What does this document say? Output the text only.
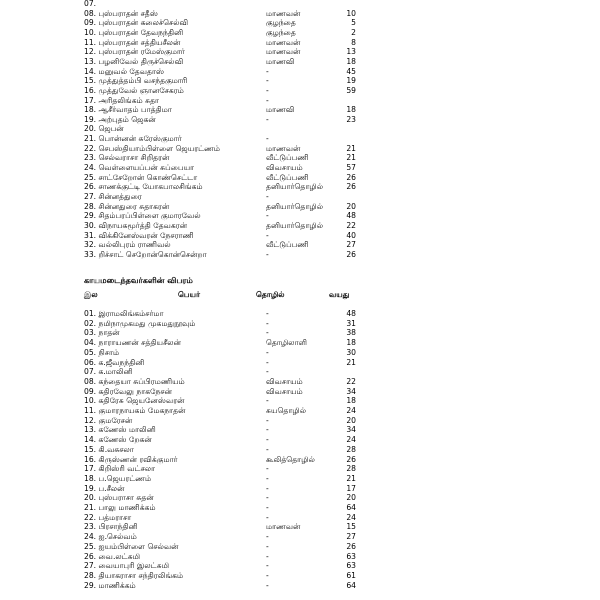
07.
08. புஸ்பராதன் சதீஸ்	மாணவன்	10
09. புஸ்பராதன் கலைச்செல்வி	குழந்தை	5
10. புஸ்பராதன் தேவநந்தினி	குழந்தை	2
11. புஸ்பராதன் சத்தியசீலன்	மாணவன்	8
12. புஸ்பராதன் ரமேஸ்குமார்	மாணவன்	13
13. பழனிவேல் திருச்செல்வி	மாணவி	18
14. மனுவல் தேவதாஸ்	-	45
15. முத்துத்தம்பி வசந்தகுமாரி	-	19
16. முத்துவேல் ஞானசேகரம்	-	59
17. அரிதலிங்கம் சுதா	-
18. ஆசீர்வாதம் பாத்திமா	மாணவி	18
19. அற்புதம் ஜெகன்	-	23
20. ஜெபன்
21. பொன்னன் சுரேஸ்குமார்	-
22. செபஸ்தியாம்பிள்ளை ஜெயரட்ணம்	மாணவன்	21
23. செல்வராசா சிறிதரன்	வீட்டுப்பணி	21
24. வெள்ளையப்பன் சுப்பையா	விவசாயம்	57
25. சாட்சேறோன் கொண்செட்டா	வீட்டுப்பணி	26
26. சாணக்குட்டி யோகபாலசிங்கம்	தனியார்தொழில்	26
27. சின்னத்துரை	-
28. சின்னதுரை சுதாகரன்	தனியார்தொழில்	20
29. சிதம்பரப்பிள்ளை குமாரவேல்	-	48
30. விநாயகமூர்த்தி தேவகரன்	தனியார்தொழில்	22
31. விக்கினேஸ்வரன் நேசராணி	-	40
32. வல்லிபுரம் ராணிவல்	வீட்டுப்பணி	27
33. றிச்சாட் செறோன்கொன்சென்றா	-	26
காயமடைந்தவர்களின் விபரம்
இல	பெயர்	தொழில்	வயது
01. இராமலிங்கம்சர்மா	-	48
02. நமிநாமுகமது முகமதுநூவும்	-	31
03. நாதன்	-	38
04. நாராயணன் சத்தியசீலன்	தொழிலாளி	18
05. நிசாம்	-	30
06. க.ஜீவநந்தினி	-	21
07. க.மாலினி	-
08. கந்தையா சுப்பிரமணியம்	விவசாயம்	22
09. கதிரவேலு நாகநேசன்	விவசாயம்	34
10. கதிரேசு ஜெயனேஸ்வரன்	-	18
11. குமாரநாயகம் மேகநாதன்	சுயதொழில்	24
12. குமரேசன்	-	20
13. கணேஸ் மாலினி	-	34
14. கணேஸ் றேகன்	-	24
15. கி.வசுசலா	-	28
16. கிருஸ்ணன் ரவிக்குமார்	கூலித்தொழில்	26
17. கிறிஸ்ரி வட்சலா	-	28
18. ப.ஜெயரட்ணம்	-	21
19. ப.சீலன்	-	17
20. புஸ்பராசா சுதன்	-	20
21. பாலு மாணிக்கம்	-	64
22. பத்மராசா	-	24
23. பிரசாந்தினி	மாணவன்	15
24. ஐ.செல்வம்	-	27
25. ஐயம்பிள்ளை செல்வன்	-	26
26. வை.லட்சுமி	-	63
27. வையாபுரி இலட்சுமி	-	63
28. தியாகராசா சந்திரலிங்கம்	-	61
29. மாணிக்கம்	-	64
